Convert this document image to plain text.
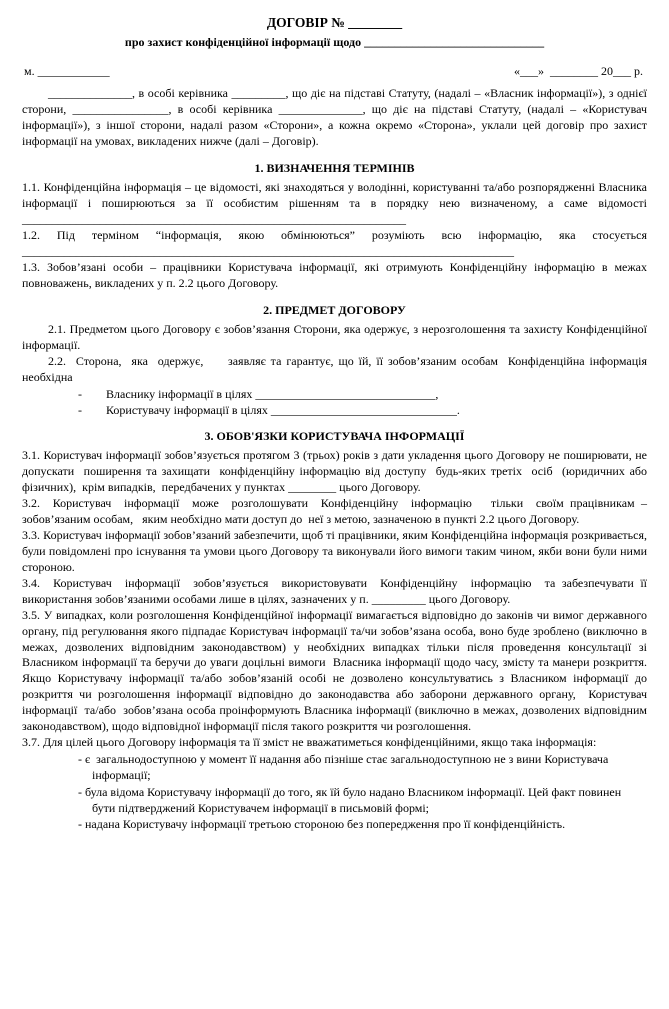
ДОГОВІР № ________
про захист конфіденційної інформації щодо ______________________________
м. ____________	«___»  ________ 20___ р.

______________, в особі керівника _________, що діє на підставі Статуту, (надалі – «Власник інформації»), з однієї сторони, ________________, в особі керівника ______________, що діє на підставі Статуту, (надалі – «Користувач інформації»), з іншої сторони, надалі разом «Сторони», а кожна окремо «Сторона», уклали цей договір про захист інформації на умовах, викладених нижче (далі – Договір).

1. ВИЗНАЧЕННЯ ТЕРМІНІВ

1.1. Конфіденційна інформація – це відомості, які знаходяться у володінні, користуванні та/або розпорядженні Власника інформації і поширюються за її особистим рішенням та в порядку нею визначеному, а саме відомості ________________________________________________________________

1.2. Під терміном “інформація, якою обмінюються” розуміють всю інформацію, яка стосується __________________________________________________________________________________

1.3. Зобов’язані особи – працівники Користувача інформації, які отримують Конфіденційну інформацію в межах  повноважень, викладених у п. 2.2 цього Договору.

2. ПРЕДМЕТ ДОГОВОРУ

2.1. Предметом цього Договору є зобов’язання Сторони, яка одержує, з нерозголошення та захисту Конфіденційної інформації.

2.2.  Сторона,  яка  одержує,     заявляє та гарантує, що їй, її зобов’язаним особам  Конфіденційна інформація необхідна

-        Власнику інформації в цілях ______________________________,

-        Користувачу інформації в цілях _______________________________.

3. ОБОВ'ЯЗКИ КОРИСТУВАЧА ІНФОРМАЦІЇ

3.1. Користувач інформації зобов’язується протягом 3 (трьох) років з дати укладення цього Договору не поширювати, не допускати  поширення та захищати  конфіденційну інформацію від доступу  будь-яких третіх  осіб  (юридичних або фізичних),  крім випадків,  передбачених у пунктах ________ цього Договору.

3.2.  Користувач  інформації  може  розголошувати  Конфіденційну  інформацію   тільки  своїм працівникам –  зобов’язаним особам,   яким необхідно мати доступ до  неї з метою, зазначеною в пункті 2.2 цього Договору.

3.3. Користувач інформації зобов’язаний забезпечити, щоб ті працівники, яким Конфіденційна інформація розкривається, були повідомлені про існування та умови цього Договору та виконували його вимоги таким чином, якби вони були ними стороною.

3.4.  Користувач  інформації  зобов’язується  використовувати  Конфіденційну  інформацію  та забезпечувати її використання зобов’язаними особами лише в цілях, зазначених у п. _________ цього Договору.

3.5. У випадках, коли розголошення Конфіденційної інформації вимагається відповідно до законів чи вимог державного органу, під регулювання якого підпадає Користувач інформації та/чи зобов’язана особа, воно буде зроблено (виключно в межах, дозволених відповідним законодавством) у необхідних випадках тільки після проведення консультації зі Власником інформації та беручи до уваги доцільні вимоги  Власника інформації щодо часу, змісту та манери розкриття.   Якщо Користувачу інформації та/або зобов’язаній особі не дозволено консультуватись з Власником інформації до розкриття чи розголошення інформації відповідно до законодавства або заборони державного органу,  Користувач інформації  та/або  зобов’язана особа проінформують Власника інформації (виключно в межах, дозволених відповідним законодавством), щодо відповідної інформації після такого розкриття чи розголошення.

3.7. Для цілей цього Договору інформація та її зміст не вважатиметься конфіденційними, якщо така інформація:

- є  загальнодоступною у момент її надання або пізніше стає загальнодоступною не з вини Користувача інформації;

- була відома Користувачу інформації до того, як їй було надано Власником інформації. Цей факт повинен бути підтверджений Користувачем інформації в письмовій формі;

- надана Користувачу інформації третьою стороною без попередження про її конфіденційність.
